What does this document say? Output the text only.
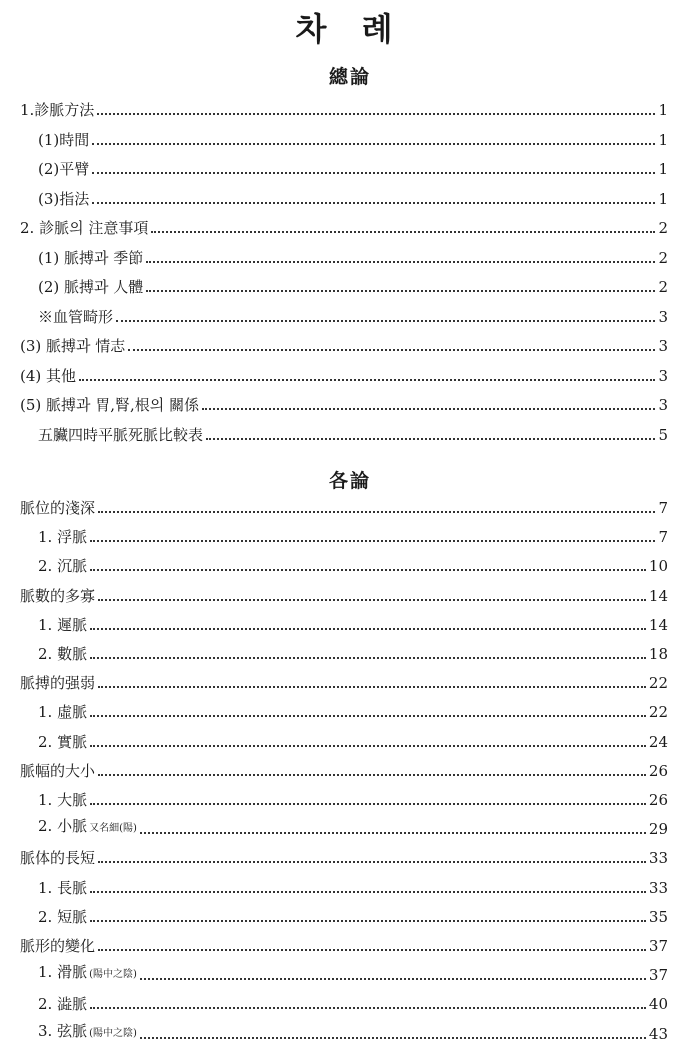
차 례
總論
1.診脈方法	1
(1)時間	1
(2)平臂	1
(3)指法	1
2. 診脈의 注意事項	2
(1) 脈搏과 季節	2
(2) 脈搏과 人體	2
※血管畸形	3
(3) 脈搏과 情志	3
(4) 其他	3
(5) 脈搏과 胃,腎,根의 關係	3
五臟四時平脈死脈比較表	5
各論
脈位的淺深	7
1. 浮脈	7
2. 沉脈	10
脈數的多寡	14
1. 遲脈	14
2. 數脈	18
脈搏的强弱	22
1. 虛脈	22
2. 實脈	24
脈幅的大小	26
1. 大脈	26
2. 小脈 又名細(陽)	29
脈体的長短	33
1. 長脈	33
2. 短脈	35
脈形的變化	37
1. 滑脈 (陽中之陰)	37
2. 澁脈	40
3. 弦脈 (陽中之陰)	43
